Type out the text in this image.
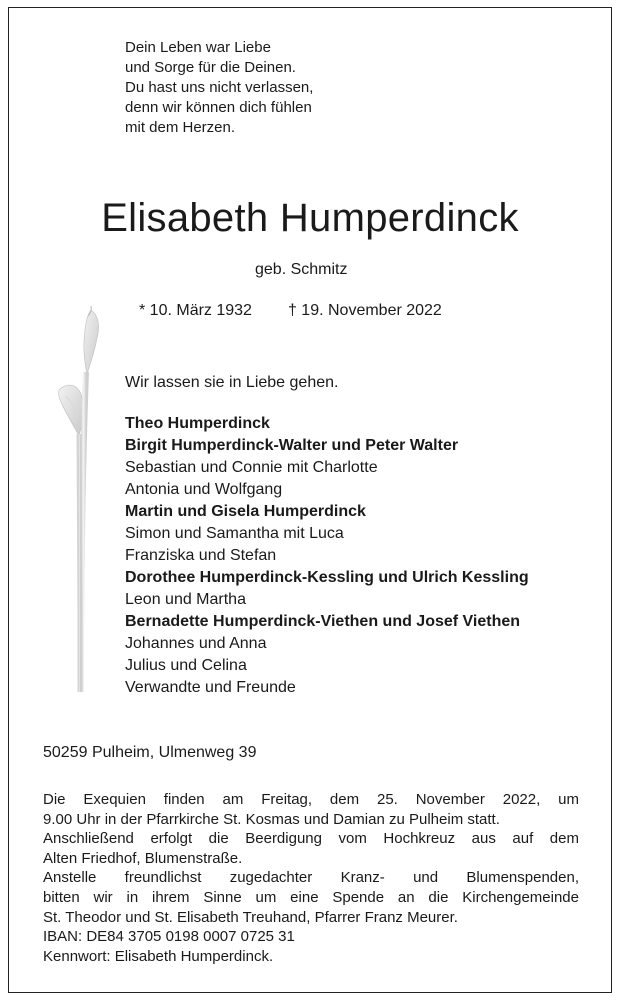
Dein Leben war Liebe
und Sorge für die Deinen.
Du hast uns nicht verlassen,
denn wir können dich fühlen
mit dem Herzen.
Elisabeth Humperdinck
geb. Schmitz
* 10. März 1932 † 19. November 2022
Wir lassen sie in Liebe gehen.
Theo Humperdinck
Birgit Humperdinck-Walter und Peter Walter
Sebastian und Connie mit Charlotte
Antonia und Wolfgang
Martin und Gisela Humperdinck
Simon und Samantha mit Luca
Franziska und Stefan
Dorothee Humperdinck-Kessling und Ulrich Kessling
Leon und Martha
Bernadette Humperdinck-Viethen und Josef Viethen
Johannes und Anna
Julius und Celina
Verwandte und Freunde
50259 Pulheim, Ulmenweg 39
Die Exequien finden am Freitag, dem 25. November 2022, um
9.00 Uhr in der Pfarrkirche St. Kosmas und Damian zu Pulheim statt.
Anschließend erfolgt die Beerdigung vom Hochkreuz aus auf dem
Alten Friedhof, Blumenstraße.
Anstelle freundlichst zugedachter Kranz- und Blumenspenden,
bitten wir in ihrem Sinne um eine Spende an die Kirchengemeinde
St. Theodor und St. Elisabeth Treuhand, Pfarrer Franz Meurer.
IBAN: DE84 3705 0198 0007 0725 31
Kennwort: Elisabeth Humperdinck.
